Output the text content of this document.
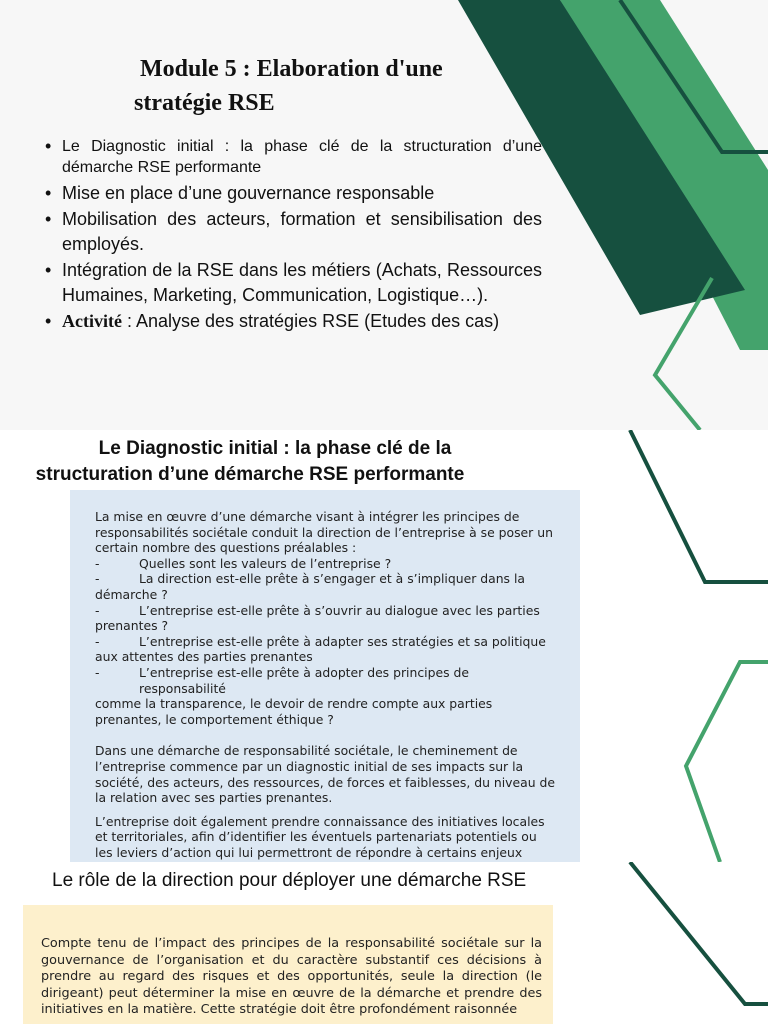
Module 5 : Elaboration d'une
stratégie RSE
• Le Diagnostic initial : la phase clé de la structuration d’une démarche RSE performante
• Mise en place d’une gouvernance responsable
• Mobilisation des acteurs, formation et sensibilisation des employés.
• Intégration de la RSE dans les métiers (Achats, Ressources Humaines, Marketing, Communication, Logistique…).
• Activité : Analyse des stratégies RSE (Etudes des cas)
Le Diagnostic initial : la phase clé de la
structuration d’une démarche RSE performante

La mise en œuvre d’une démarche visant à intégrer les principes de responsabilités sociétale conduit la direction de l’entreprise à se poser un certain nombre des questions préalables :

-	Quelles sont les valeurs de l’entreprise ?
-	La direction est-elle prête à s’engager et à s’impliquer dans la
démarche ?
-	L’entreprise est-elle prête à s’ouvrir au dialogue avec les parties
prenantes ?
-	L’entreprise est-elle prête à adapter ses stratégies et sa politique
aux attentes des parties prenantes
-	L’entreprise est-elle prête à adopter des principes de responsabilité
comme la transparence, le devoir de rendre compte aux parties prenantes, le comportement éthique ?

Dans une démarche de responsabilité sociétale, le cheminement de l’entreprise commence par un diagnostic initial de ses impacts sur la société, des acteurs, des ressources, de forces et faiblesses, du niveau de la relation avec ses parties prenantes.

L’entreprise doit également prendre connaissance des initiatives locales et territoriales, afin d’identifier les éventuels partenariats potentiels ou les leviers d’action qui lui permettront de répondre à certains enjeux

Le rôle de la direction pour déployer une démarche RSE
Compte tenu de l’impact des principes de la responsabilité sociétale sur la gouvernance de l’organisation et du caractère substantif ces décisions à prendre au regard des risques et des opportunités, seule la direction (le dirigeant) peut déterminer la mise en œuvre de la démarche et prendre des initiatives en la matière. Cette stratégie doit être profondément raisonnée
